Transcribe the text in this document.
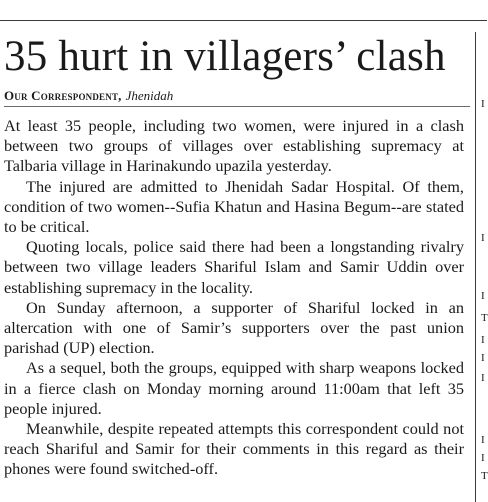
35 hurt in villagers’ clash
Our Correspondent, Jhenidah

At least 35 people, including two women, were injured in a clash between two groups of villages over establishing supremacy at Talbaria village in Harinakundo upazila yesterday.

The injured are admitted to Jhenidah Sadar Hospital. Of them, condition of two women--Sufia Khatun and Hasina Begum--are stated to be critical.

Quoting locals, police said there had been a longstanding rivalry between two village leaders Shariful Islam and Samir Uddin over establishing supremacy in the locality.

On Sunday afternoon, a supporter of Shariful locked in an altercation with one of Samir’s supporters over the past union parishad (UP) election.

As a sequel, both the groups, equipped with sharp weapons locked in a fierce clash on Monday morning around 11:00am that left 35 people injured.

Meanwhile, despite repeated attempts this correspondent could not reach Shariful and Samir for their comments in this regard as their phones were found switched-off.

I
I
I
T
I
I
I
I
I
T
